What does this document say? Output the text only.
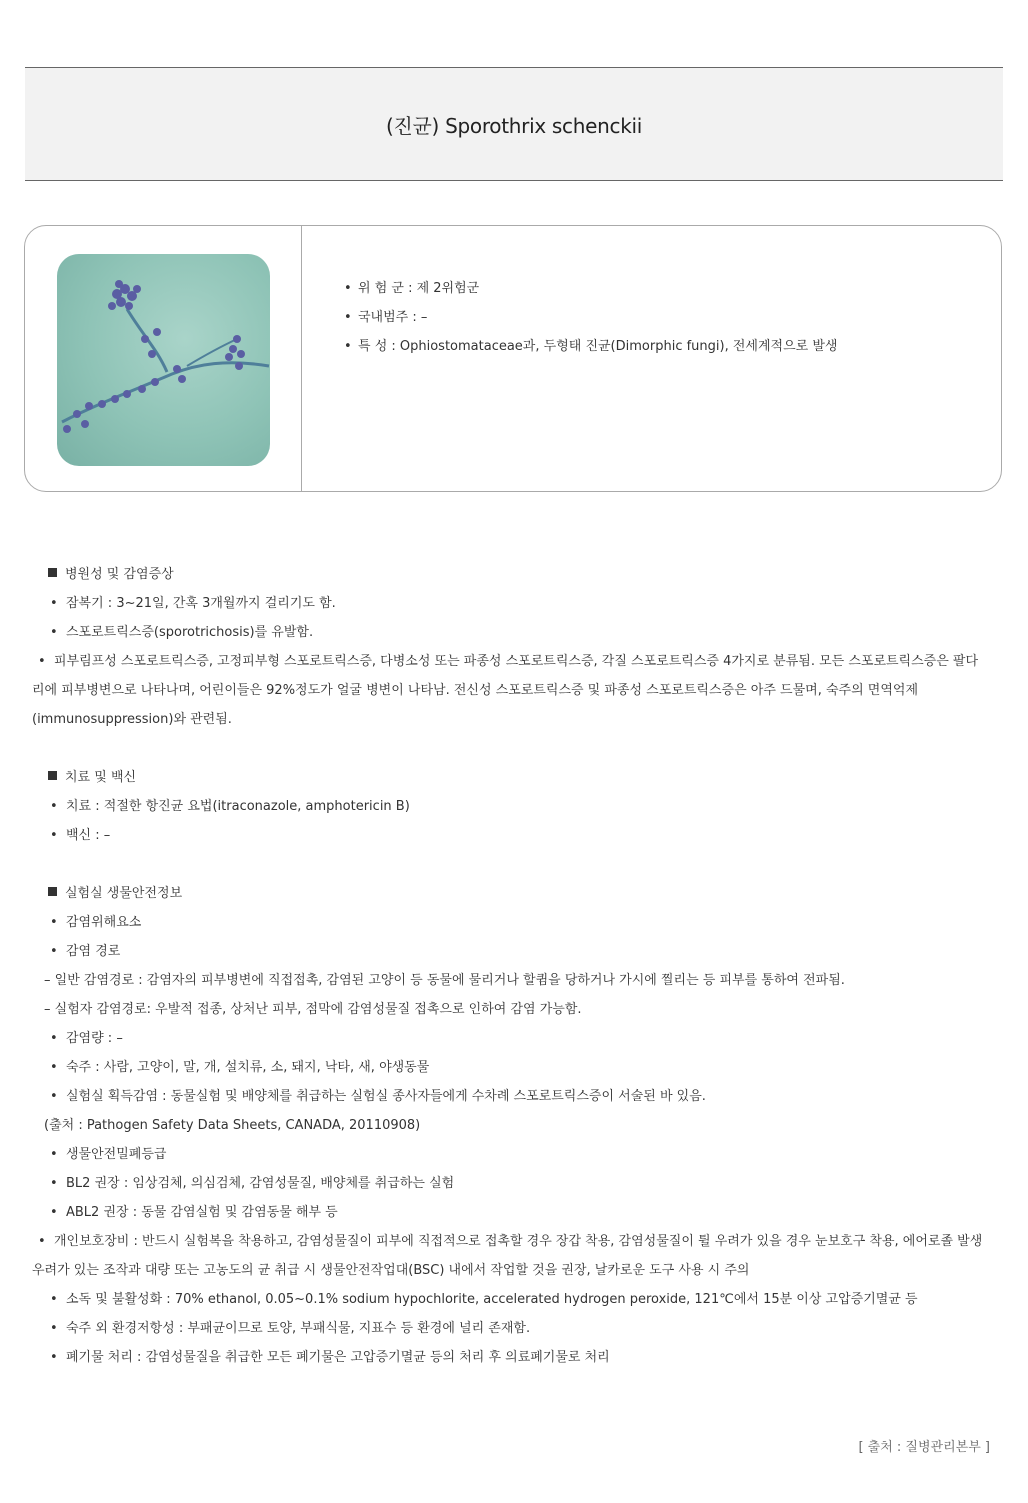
(진균) Sporothrix schenckii
• 위 험 군 : 제 2위험군
• 국내범주 : –
• 특 성 : Ophiostomataceae과, 두형태 진균(Dimorphic fungi), 전세계적으로 발생
병원성 및 감염증상
• 잠복기 : 3~21일, 간혹 3개월까지 걸리기도 함.
• 스포로트릭스증(sporotrichosis)를 유발함.
• 피부림프성 스포로트릭스증, 고정피부형 스포로트릭스증, 다병소성 또는 파종성 스포로트릭스증, 각질 스포로트릭스증 4가지로 분류됨. 모든 스포로트릭스증은 팔다리에 피부병변으로 나타나며, 어린이들은 92%정도가 얼굴 병변이 나타남. 전신성 스포로트릭스증 및 파종성 스포로트릭스증은 아주 드물며, 숙주의 면역억제(immunosuppression)와 관련됨.
치료 및 백신
• 치료 : 적절한 항진균 요법(itraconazole, amphotericin B)
• 백신 : –
실험실 생물안전정보
• 감염위해요소
• 감염 경로
– 일반 감염경로 : 감염자의 피부병변에 직접접촉, 감염된 고양이 등 동물에 물리거나 할큄을 당하거나 가시에 찔리는 등 피부를 통하여 전파됨.
– 실험자 감염경로: 우발적 접종, 상처난 피부, 점막에 감염성물질 접촉으로 인하여 감염 가능함.
• 감염량 : –
• 숙주 : 사람, 고양이, 말, 개, 설치류, 소, 돼지, 낙타, 새, 야생동물
• 실험실 획득감염 : 동물실험 및 배양체를 취급하는 실험실 종사자들에게 수차례 스포로트릭스증이 서술된 바 있음.
(출처 : Pathogen Safety Data Sheets, CANADA, 20110908)
• 생물안전밀폐등급
• BL2 권장 : 임상검체, 의심검체, 감염성물질, 배양체를 취급하는 실험
• ABL2 권장 : 동물 감염실험 및 감염동물 해부 등
• 개인보호장비 : 반드시 실험복을 착용하고, 감염성물질이 피부에 직접적으로 접촉할 경우 장갑 착용, 감염성물질이 튈 우려가 있을 경우 눈보호구 착용, 에어로졸 발생우려가 있는 조작과 대량 또는 고농도의 균 취급 시 생물안전작업대(BSC) 내에서 작업할 것을 권장, 날카로운 도구 사용 시 주의
• 소독 및 불활성화 : 70% ethanol, 0.05~0.1% sodium hypochlorite, accelerated hydrogen peroxide, 121℃에서 15분 이상 고압증기멸균 등
• 숙주 외 환경저항성 : 부패균이므로 토양, 부패식물, 지표수 등 환경에 널리 존재함.
• 폐기물 처리 : 감염성물질을 취급한 모든 폐기물은 고압증기멸균 등의 처리 후 의료폐기물로 처리
[ 출처 : 질병관리본부 ]
